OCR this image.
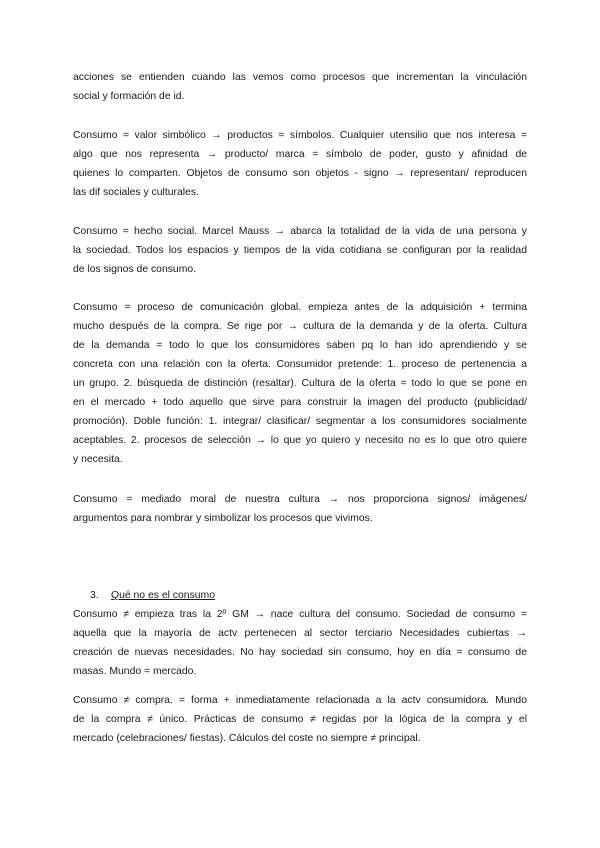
acciones se entienden cuando las vemos como procesos que incrementan la vinculación
social y formación de id.
Consumo = valor simbólico → productos = símbolos. Cualquier utensilio que nos interesa =
algo que nos representa → producto/ marca = símbolo de poder, gusto y afinidad de
quienes lo comparten. Objetos de consumo son objetos - signo → representan/ reproducen
las dif sociales y culturales.
Consumo = hecho social. Marcel Mauss → abarca la totalidad de la vida de una persona y
la sociedad. Todos los espacios y tiempos de la vida cotidiana se configuran por la realidad
de los signos de consumo.
Consumo = proceso de comunicación global. empieza antes de la adquisición + termina
mucho después de la compra. Se rige por → cultura de la demanda y de la oferta. Cultura
de la demanda = todo lo que los consumidores saben pq lo han ido aprendiendo y se
concreta con una relación con la oferta. Consumidor pretende: 1. proceso de pertenencia a
un grupo. 2. búsqueda de distinción (resaltar). Cultura de la oferta = todo lo que se pone en
en el mercado + todo aquello que sirve para construir la imagen del producto (publicidad/
promoción). Doble función: 1. integrar/ clasificar/ segmentar a los consumidores socialmente
aceptables. 2. procesos de selección → lo que yo quiero y necesito no es lo que otro quiere
y necesita.
Consumo = mediado moral de nuestra cultura → nos proporciona signos/ imágenes/
argumentos para nombrar y simbolizar los procesos que vivimos.
3. Qué no es el consumo
Consumo ≠ empieza tras la 2º GM → nace cultura del consumo. Sociedad de consumo =
aquella que la mayoría de actv pertenecen al sector terciario Necesidades cubiertas →
creación de nuevas necesidades. No hay sociedad sin consumo, hoy en día = consumo de
masas. Mundo = mercado.
Consumo ≠ compra. = forma + inmediatamente relacionada a la actv consumidora. Mundo
de la compra ≠ único. Prácticas de consumo ≠ regidas por la lógica de la compra y el
mercado (celebraciones/ fiestas). Cálculos del coste no siempre ≠ principal.
